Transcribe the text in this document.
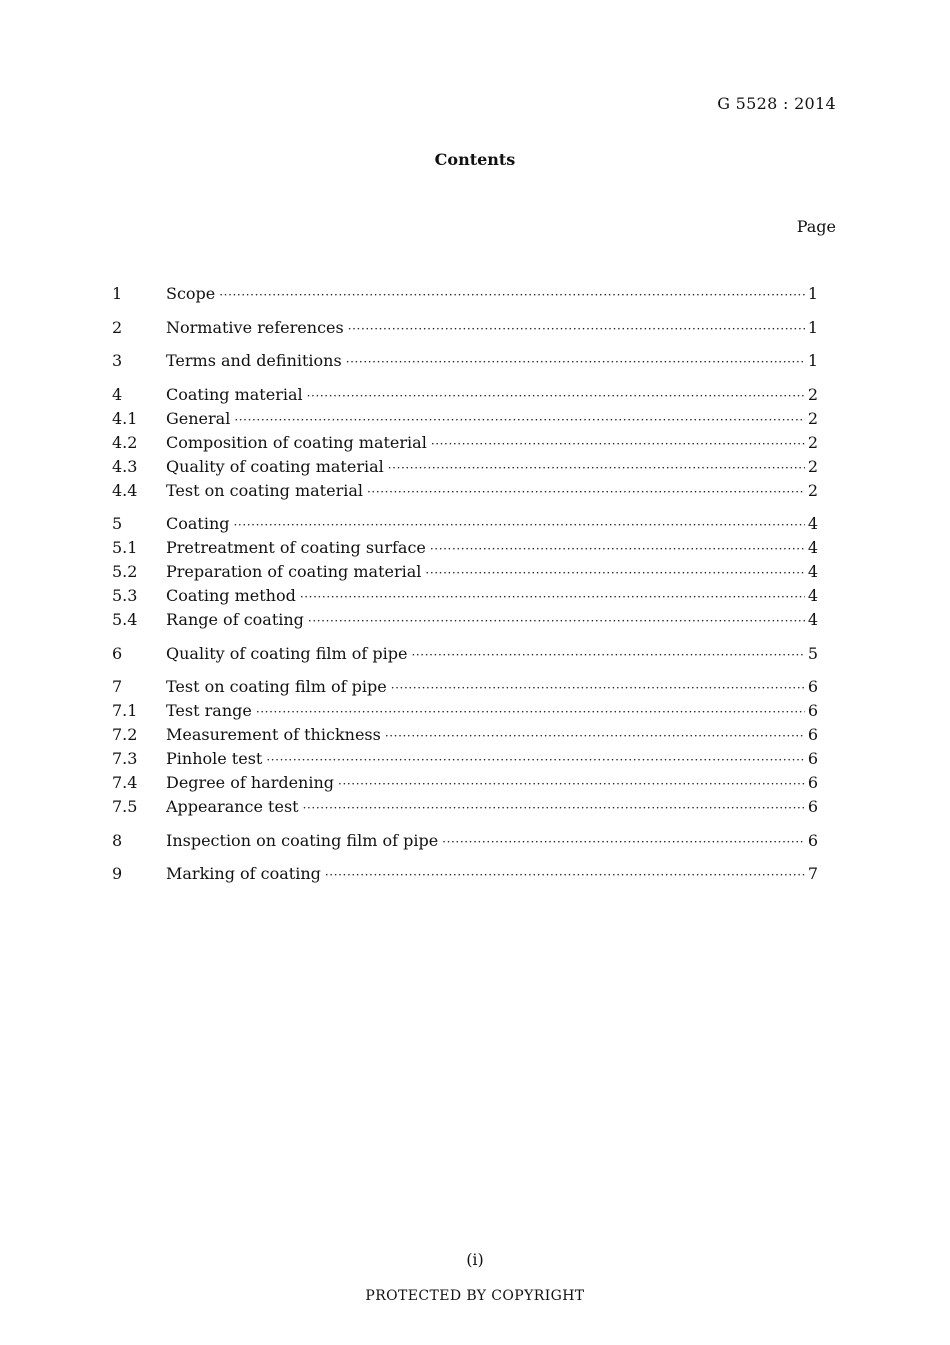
G 5528 : 2014
Contents
Page
1	Scope ·····	1
2	Normative references ·····	1
3	Terms and definitions ·····	1
4	Coating material ·····	2
4.1	General ·····	2
4.2	Composition of coating material ·····	2
4.3	Quality of coating material ·····	2
4.4	Test on coating material ·····	2
5	Coating ·····	4
5.1	Pretreatment of coating surface ·····	4
5.2	Preparation of coating material ·····	4
5.3	Coating method ·····	4
5.4	Range of coating ·····	4
6	Quality of coating film of pipe ·····	5
7	Test on coating film of pipe ·····	6
7.1	Test range ·····	6
7.2	Measurement of thickness ·····	6
7.3	Pinhole test ·····	6
7.4	Degree of hardening ·····	6
7.5	Appearance test ·····	6
8	Inspection on coating film of pipe ·····	6
9	Marking of coating ·····	7
(i)
PROTECTED BY COPYRIGHT
